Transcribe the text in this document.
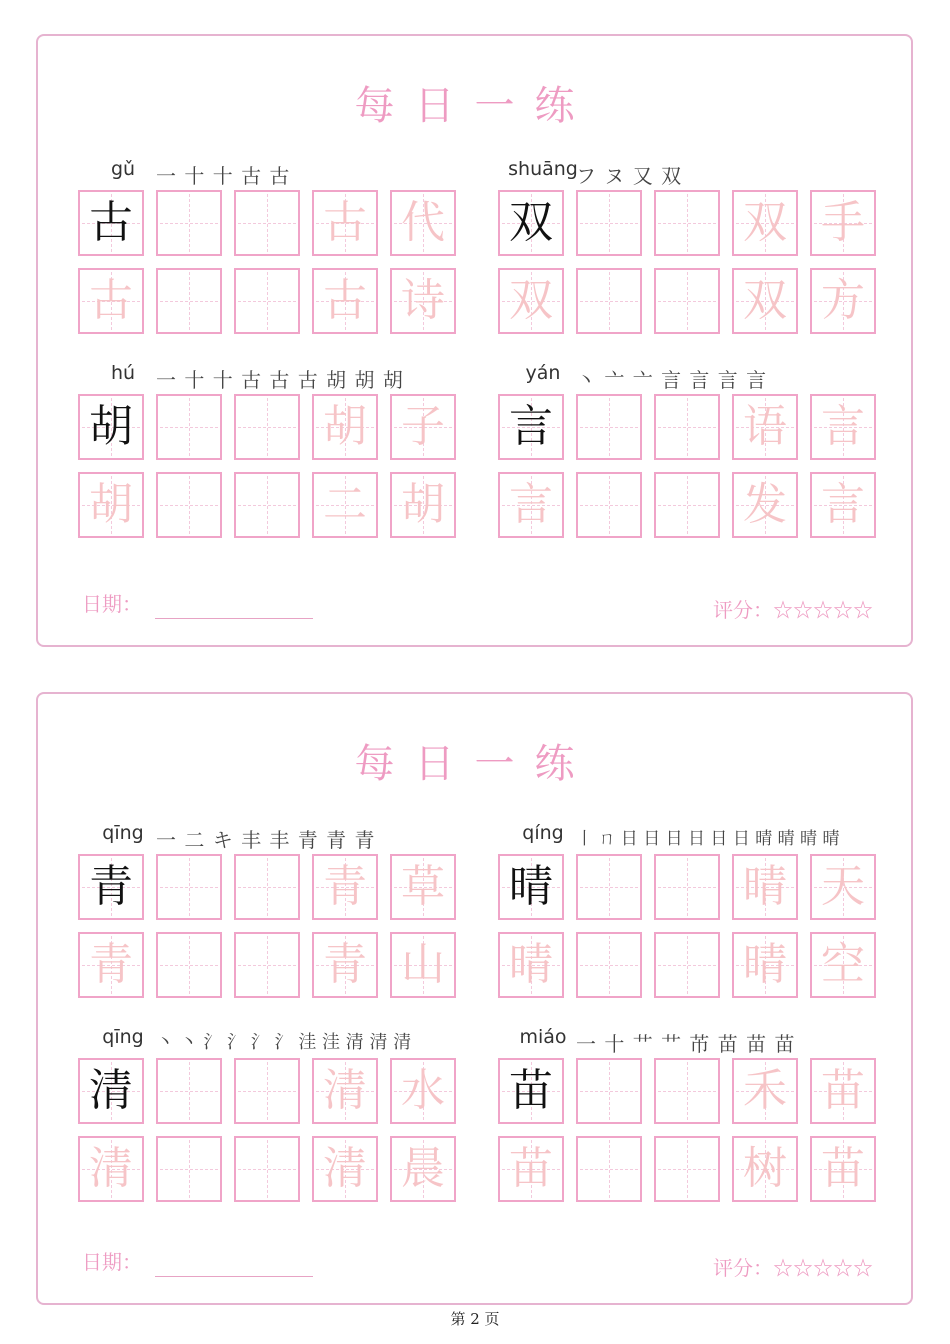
每日一练
gǔ	一 十 十 古 古
古	古 代
古	古 诗
shuāng
フ ヌ 又 双
双	双 手
双	双 方
hú	一 十 十 古 古 古 胡 胡 胡
胡	胡 子
胡	二 胡
yán 丶 亠 亠 言 言 言 言
言	语 言
言	发 言
日期：	评分：☆☆☆☆☆
每日一练
qīng 一 二 キ 丰 丰 青 青 青
青	青 草
青	青 山
qíng 丨 ㄇ 日 日 日 日 日 日 晴 晴 晴 晴
晴	晴 天
晴	晴 空
qīng 丶 丶 氵 氵 氵 氵 洼 洼 清 清 清
清	清 水
清	清 晨
miáo 一 十 艹 艹 芇 苗 苗 苗
苗	禾 苗
苗	树 苗
日期：	评分：☆☆☆☆☆
第 2 页
